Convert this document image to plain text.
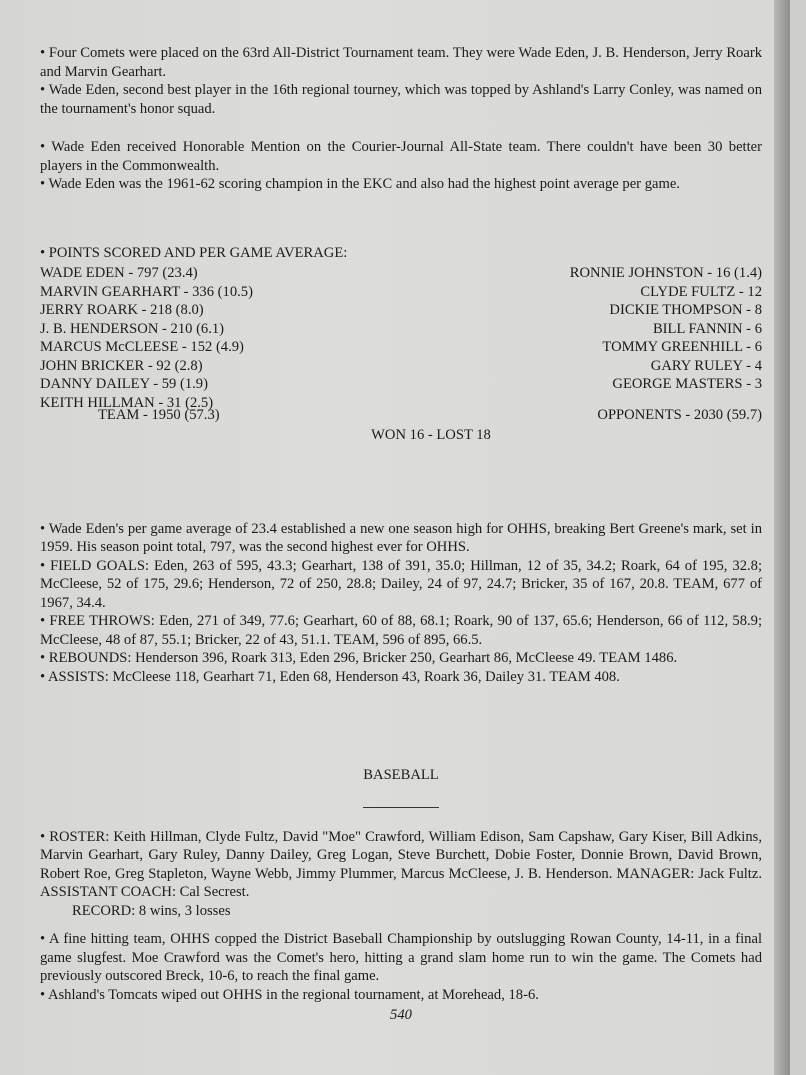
• Four Comets were placed on the 63rd All-District Tournament team. They were Wade Eden, J. B. Henderson, Jerry Roark and Marvin Gearhart.

• Wade Eden, second best player in the 16th regional tourney, which was topped by Ashland's Larry Conley, was named on the tournament's honor squad.

• Wade Eden received Honorable Mention on the Courier-Journal All-State team. There couldn't have been 30 better players in the Commonwealth.

• Wade Eden was the 1961-62 scoring champion in the EKC and also had the highest point average per game.

• POINTS SCORED AND PER GAME AVERAGE:

WADE EDEN - 797 (23.4)
MARVIN GEARHART - 336 (10.5)
JERRY ROARK - 218 (8.0)
J. B. HENDERSON - 210 (6.1)
MARCUS McCLEESE - 152 (4.9)
JOHN BRICKER - 92 (2.8)
DANNY DAILEY - 59 (1.9)
KEITH HILLMAN - 31 (2.5)
RONNIE JOHNSTON - 16 (1.4)
CLYDE FULTZ - 12
DICKIE THOMPSON - 8
BILL FANNIN - 6
TOMMY GREENHILL - 6
GARY RULEY - 4
GEORGE MASTERS - 3
TEAM - 1950 (57.3)	OPPONENTS - 2030 (59.7)
WON 16 - LOST 18

• Wade Eden's per game average of 23.4 established a new one season high for OHHS, breaking Bert Greene's mark, set in 1959. His season point total, 797, was the second highest ever for OHHS.

• FIELD GOALS: Eden, 263 of 595, 43.3; Gearhart, 138 of 391, 35.0; Hillman, 12 of 35, 34.2; Roark, 64 of 195, 32.8; McCleese, 52 of 175, 29.6; Henderson, 72 of 250, 28.8; Dailey, 24 of 97, 24.7; Bricker, 35 of 167, 20.8. TEAM, 677 of 1967, 34.4.

• FREE THROWS: Eden, 271 of 349, 77.6; Gearhart, 60 of 88, 68.1; Roark, 90 of 137, 65.6; Henderson, 66 of 112, 58.9; McCleese, 48 of 87, 55.1; Bricker, 22 of 43, 51.1. TEAM, 596 of 895, 66.5.

• REBOUNDS: Henderson 396, Roark 313, Eden 296, Bricker 250, Gearhart 86, McCleese 49. TEAM 1486.

• ASSISTS: McCleese 118, Gearhart 71, Eden 68, Henderson 43, Roark 36, Dailey 31. TEAM 408.

BASEBALL

• ROSTER: Keith Hillman, Clyde Fultz, David "Moe" Crawford, William Edison, Sam Capshaw, Gary Kiser, Bill Adkins, Marvin Gearhart, Gary Ruley, Danny Dailey, Greg Logan, Steve Burchett, Dobie Foster, Donnie Brown, David Brown, Robert Roe, Greg Stapleton, Wayne Webb, Jimmy Plummer, Marcus McCleese, J. B. Henderson. MANAGER: Jack Fultz. ASSISTANT COACH: Cal Secrest.

RECORD: 8 wins, 3 losses

• A fine hitting team, OHHS copped the District Baseball Championship by outslugging Rowan County, 14-11, in a final game slugfest. Moe Crawford was the Comet's hero, hitting a grand slam home run to win the game. The Comets had previously outscored Breck, 10-6, to reach the final game.

• Ashland's Tomcats wiped out OHHS in the regional tournament, at Morehead, 18-6.

540
